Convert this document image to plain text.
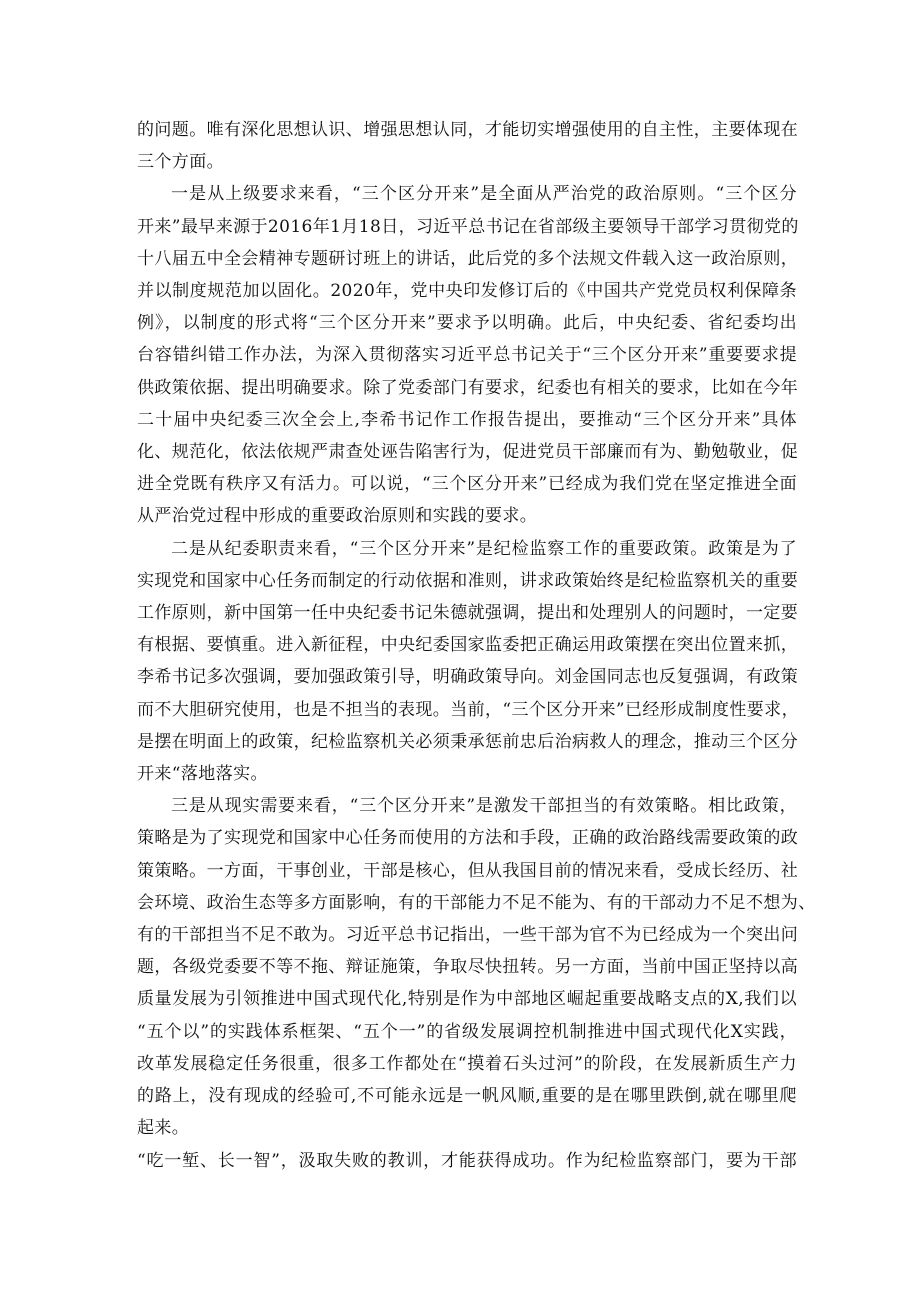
的问题。唯有深化思想认识、增强思想认同，才能切实增强使用的自主性，主要体现在
三个方面。

一是从上级要求来看，“三个区分开来”是全面从严治党的政治原则。“三个区分
开来”最早来源于2016年1月18日，习近平总书记在省部级主要领导干部学习贯彻党的
十八届五中全会精神专题研讨班上的讲话，此后党的多个法规文件载入这一政治原则，
并以制度规范加以固化。2020年，党中央印发修订后的《中国共产党党员权利保障条
例》，以制度的形式将“三个区分开来”要求予以明确。此后，中央纪委、省纪委均出
台容错纠错工作办法，为深入贯彻落实习近平总书记关于“三个区分开来”重要要求提
供政策依据、提出明确要求。除了党委部门有要求，纪委也有相关的要求，比如在今年
二十届中央纪委三次全会上,李希书记作工作报告提出，要推动“三个区分开来”具体
化、规范化，依法依规严肃查处诬告陷害行为，促进党员干部廉而有为、勤勉敬业，促
进全党既有秩序又有活力。可以说，“三个区分开来”已经成为我们党在坚定推进全面
从严治党过程中形成的重要政治原则和实践的要求。

二是从纪委职责来看，“三个区分开来”是纪检监察工作的重要政策。政策是为了
实现党和国家中心任务而制定的行动依据和准则，讲求政策始终是纪检监察机关的重要
工作原则，新中国第一任中央纪委书记朱德就强调，提出和处理别人的问题时，一定要
有根据、要慎重。进入新征程，中央纪委国家监委把正确运用政策摆在突出位置来抓，
李希书记多次强调，要加强政策引导，明确政策导向。刘金国同志也反复强调，有政策
而不大胆研究使用，也是不担当的表现。当前，“三个区分开来”已经形成制度性要求，
是摆在明面上的政策，纪检监察机关必须秉承惩前忠后治病救人的理念，推动三个区分
开来“落地落实。

三是从现实需要来看，“三个区分开来”是激发干部担当的有效策略。相比政策，
策略是为了实现党和国家中心任务而使用的方法和手段，正确的政治路线需要政策的政
策策略。一方面，干事创业，干部是核心，但从我国目前的情况来看，受成长经历、社
会环境、政治生态等多方面影响，有的干部能力不足不能为、有的干部动力不足不想为、
有的干部担当不足不敢为。习近平总书记指出，一些干部为官不为已经成为一个突出问
题，各级党委要不等不拖、辩证施策，争取尽快扭转。另一方面，当前中国正坚持以高
质量发展为引领推进中国式现代化,特别是作为中部地区崛起重要战略支点的X,我们以
“五个以”的实践体系框架、“五个一”的省级发展调控机制推进中国式现代化X实践，
改革发展稳定任务很重，很多工作都处在“摸着石头过河”的阶段，在发展新质生产力
的路上，没有现成的经验可,不可能永远是一帆风顺,重要的是在哪里跌倒,就在哪里爬
起来。

“吃一堑、长一智”，汲取失败的教训，才能获得成功。作为纪检监察部门，要为干部
